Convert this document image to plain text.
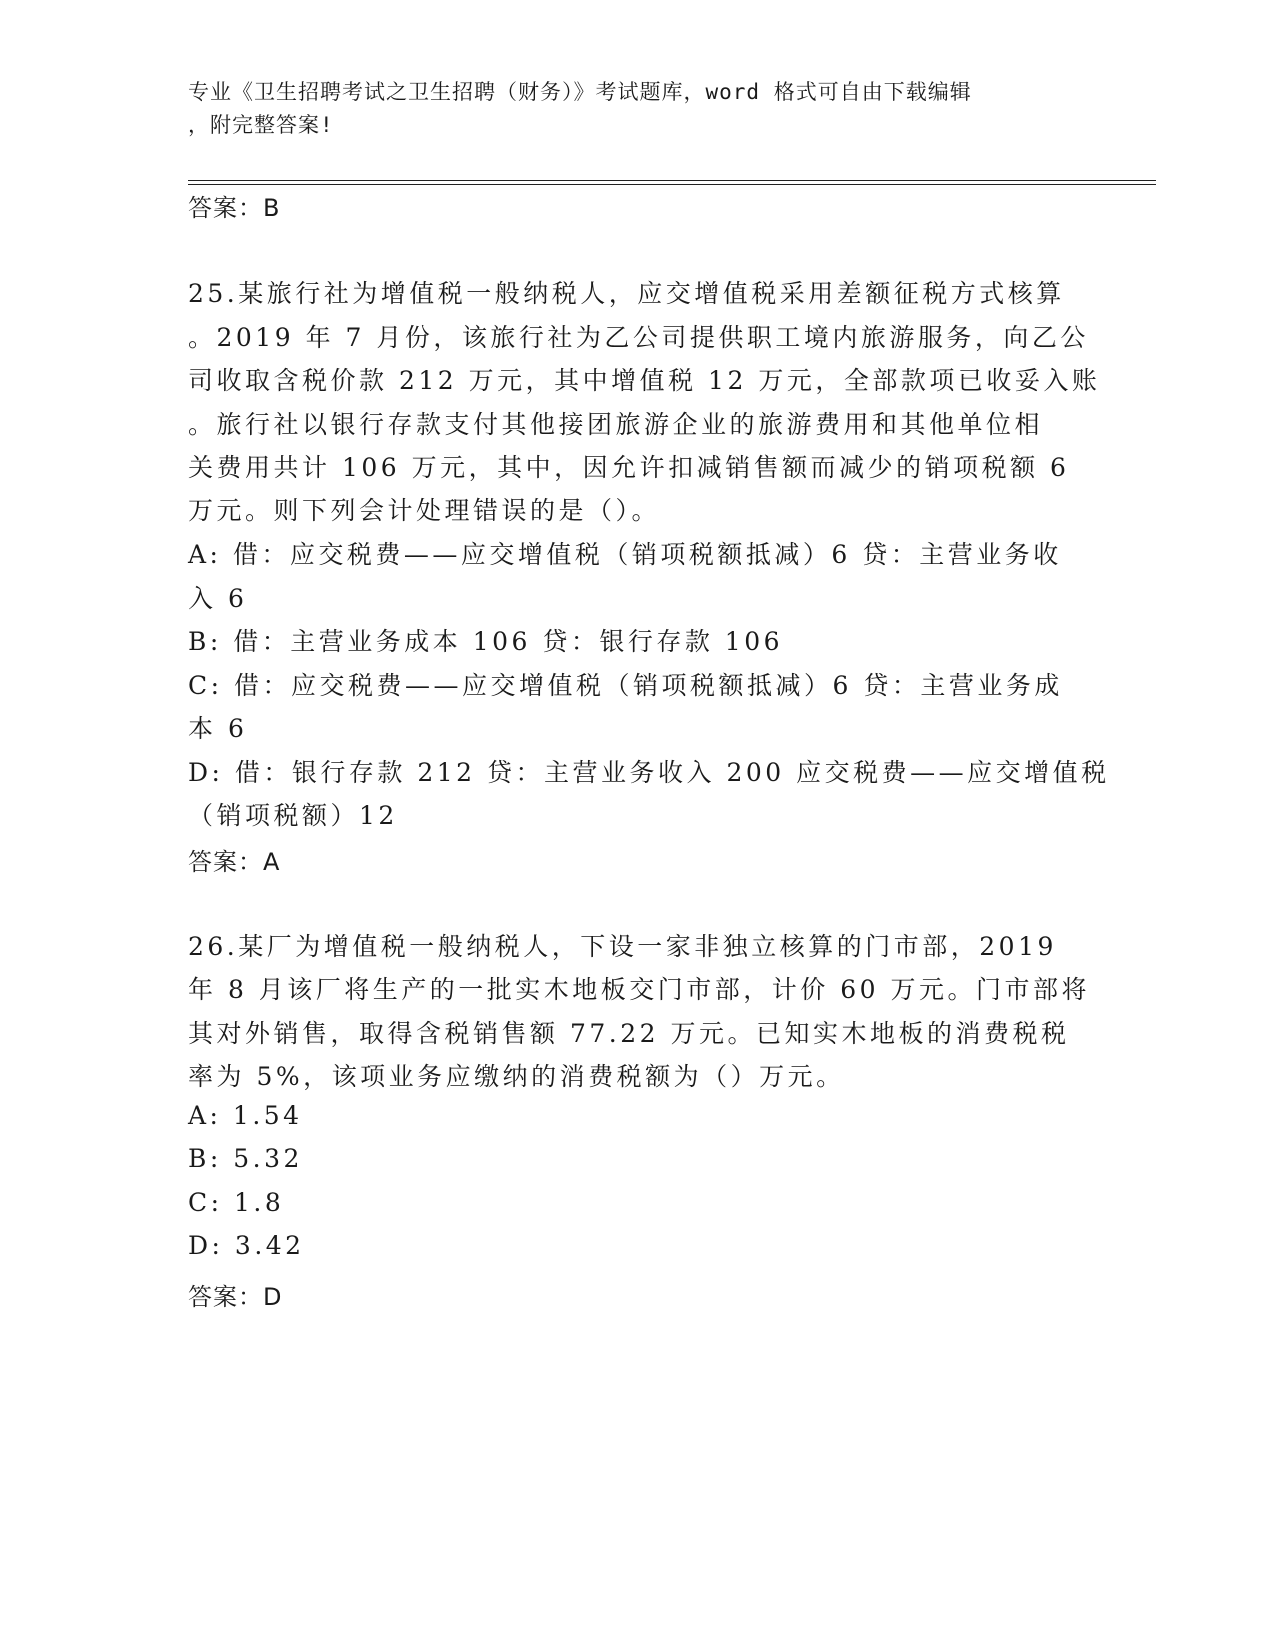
专业《卫生招聘考试之卫生招聘（财务）》考试题库，word 格式可自由下载编辑
，附完整答案!
答案：B
25.某旅行社为增值税一般纳税人，应交增值税采用差额征税方式核算
。2019 年 7 月份，该旅行社为乙公司提供职工境内旅游服务，向乙公
司收取含税价款 212 万元，其中增值税 12 万元，全部款项已收妥入账
。旅行社以银行存款支付其他接团旅游企业的旅游费用和其他单位相
关费用共计 106 万元，其中，因允许扣减销售额而减少的销项税额 6
万元。则下列会计处理错误的是（）。
A: 借：应交税费——应交增值税（销项税额抵减）6 贷：主营业务收
入 6
B: 借：主营业务成本 106 贷：银行存款 106
C: 借：应交税费——应交增值税（销项税额抵减）6 贷：主营业务成
本 6
D: 借：银行存款 212 贷：主营业务收入 200 应交税费——应交增值税
（销项税额）12
答案：A
26.某厂为增值税一般纳税人，下设一家非独立核算的门市部，2019
年 8 月该厂将生产的一批实木地板交门市部，计价 60 万元。门市部将
其对外销售，取得含税销售额 77.22 万元。已知实木地板的消费税税
率为 5%，该项业务应缴纳的消费税额为（）万元。
A: 1.54
B: 5.32
C: 1.8
D: 3.42
答案：D
